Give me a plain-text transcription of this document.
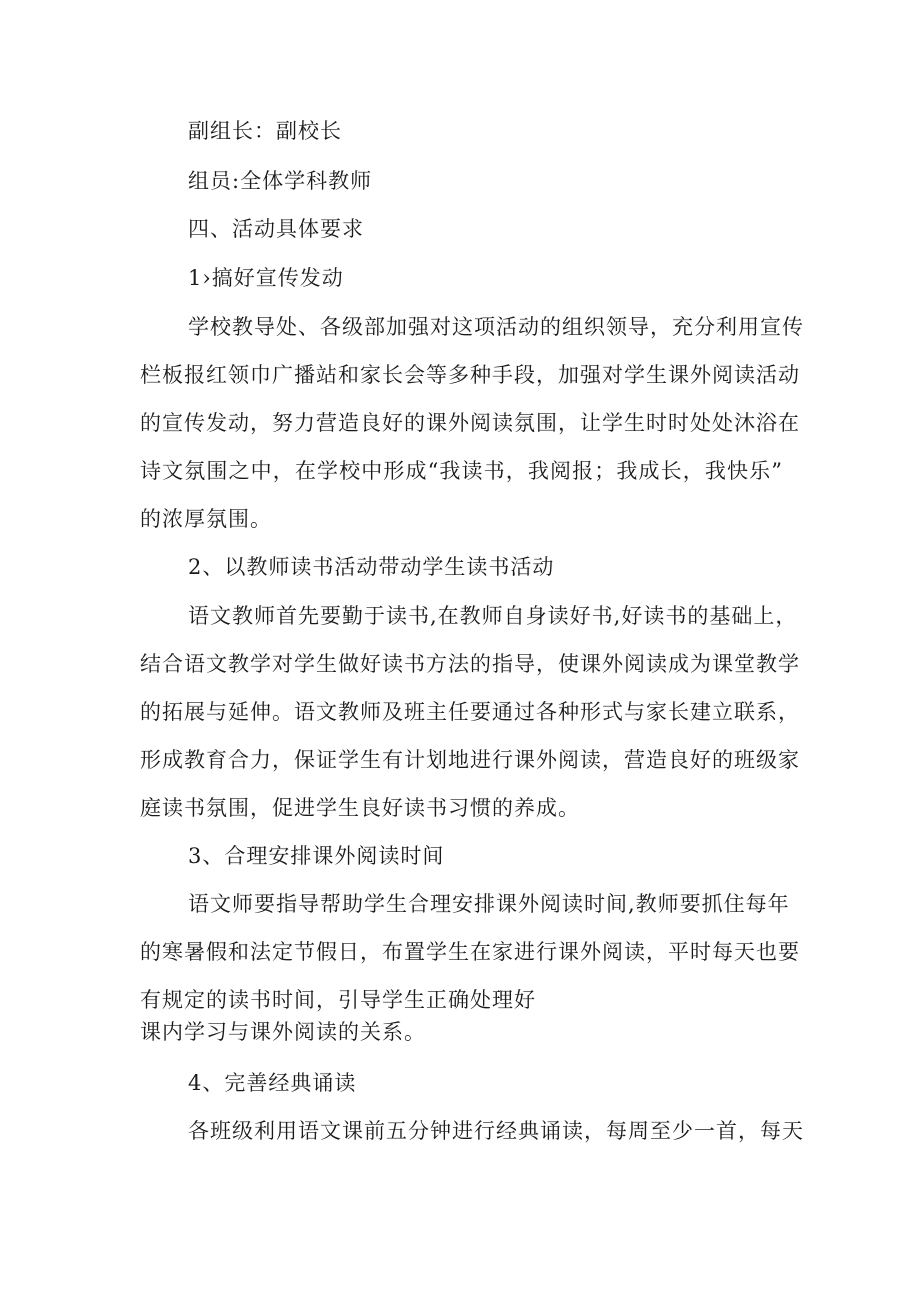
副组长：副校长
组员:全体学科教师
四、活动具体要求
1›搞好宣传发动
学校教导处、各级部加强对这项活动的组织领导，充分利用宣传
栏板报红领巾广播站和家长会等多种手段，加强对学生课外阅读活动
的宣传发动，努力营造良好的课外阅读氛围，让学生时时处处沐浴在
诗文氛围之中，在学校中形成“我读书，我阅报；我成长，我快乐”
的浓厚氛围。
2、以教师读书活动带动学生读书活动
语文教师首先要勤于读书,在教师自身读好书,好读书的基础上，
结合语文教学对学生做好读书方法的指导，使课外阅读成为课堂教学
的拓展与延伸。语文教师及班主任要通过各种形式与家长建立联系，
形成教育合力，保证学生有计划地进行课外阅读，营造良好的班级家
庭读书氛围，促进学生良好读书习惯的养成。
3、合理安排课外阅读时间
语文师要指导帮助学生合理安排课外阅读时间,教师要抓住每年
的寒暑假和法定节假日，布置学生在家进行课外阅读，平时每天也要
有规定的读书时间，引导学生正确处理好
课内学习与课外阅读的关系。
4、完善经典诵读
各班级利用语文课前五分钟进行经典诵读，每周至少一首，每天
